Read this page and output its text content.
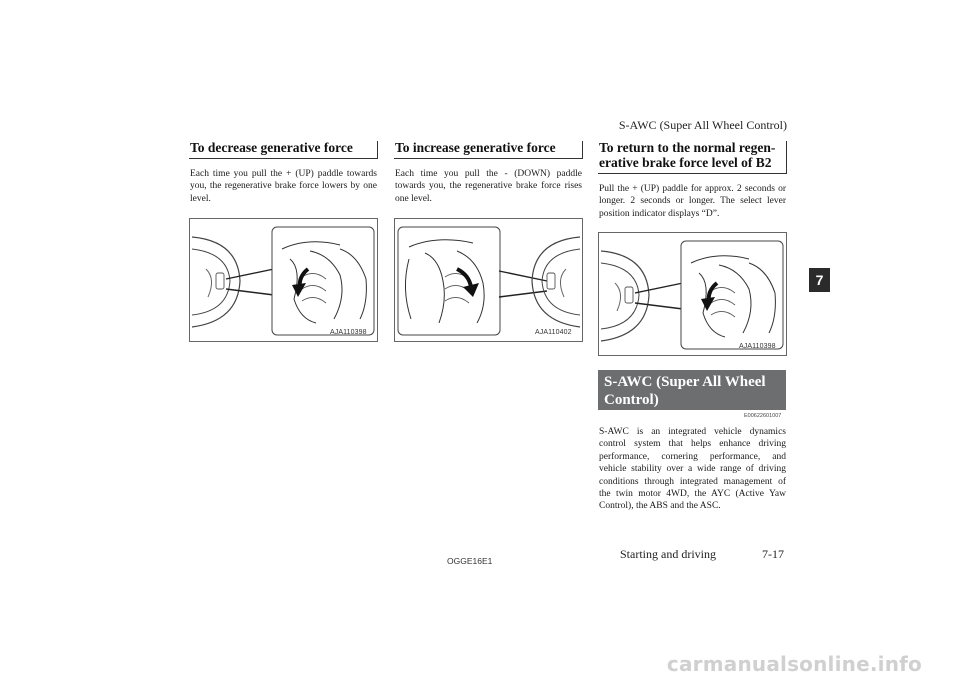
S-AWC (Super All Wheel Control)
To decrease generative force
Each time you pull the + (UP) paddle towards you, the regenerative brake force lowers by one level.
AJA110398
To increase generative force
Each time you pull the - (DOWN) paddle towards you, the regenerative brake force rises one level.
AJA110402
To return to the normal regen-
erative brake force level of B2
Pull the + (UP) paddle for approx. 2 seconds or longer. 2 seconds or longer. The select lever position indicator displays “D”.
AJA110398
S-AWC (Super All Wheel
Control)
E00622601007
S-AWC is an integrated vehicle dynamics control system that helps enhance driving performance, cornering performance, and vehicle stability over a wide range of driving conditions through integrated management of the twin motor 4WD, the AYC (Active Yaw Control), the ABS and the ASC.
7
OGGE16E1	Starting and driving	7-17
carmanualsonline.info
